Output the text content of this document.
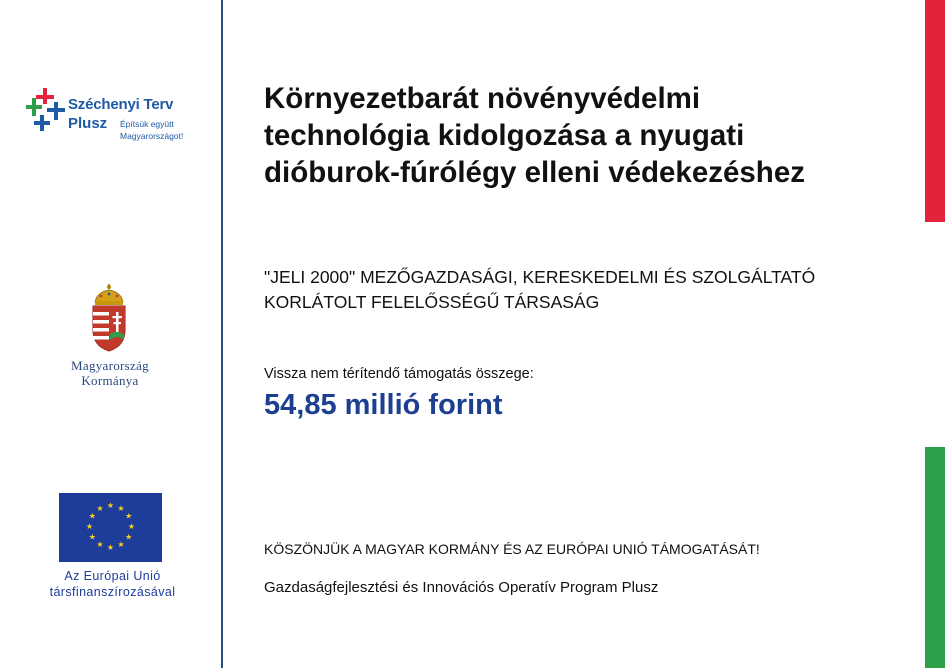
Széchenyi Terv
Plusz Építsük együtt
Magyarországot!
Magyarország
Kormánya
★ ★
★
★
★
★
★
★
★
★
★
★
Az Európai Unió
társfinanszírozásával
Környezetbarát növényvédelmi
technológia kidolgozása a nyugati
dióburok-fúrólégy elleni védekezéshez

"JELI 2000" MEZŐGAZDASÁGI, KERESKEDELMI ÉS SZOLGÁLTATÓ
KORLÁTOLT FELELŐSSÉGŰ TÁRSASÁG

Vissza nem térítendő támogatás összege:
54,85 millió forint
KÖSZÖNJÜK A MAGYAR KORMÁNY ÉS AZ EURÓPAI UNIÓ TÁMOGATÁSÁT!
Gazdaságfejlesztési és Innovációs Operatív Program Plusz
